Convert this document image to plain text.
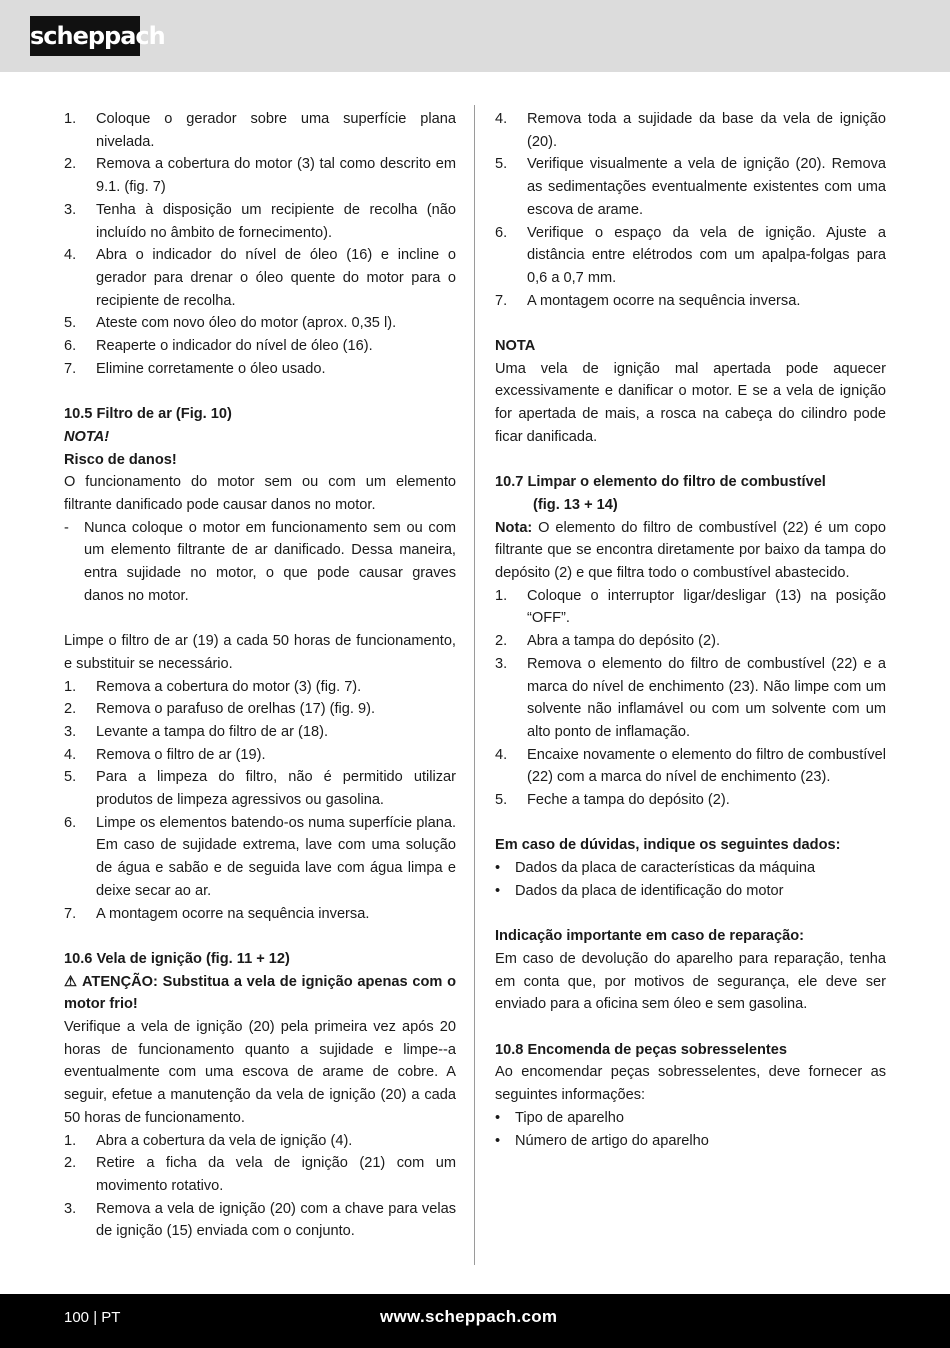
scheppach
1.	Coloque o gerador sobre uma superfície plana nivelada.
2.	Remova a cobertura do motor (3) tal como descrito em 9.1. (fig. 7)
3.	Tenha à disposição um recipiente de recolha (não incluído no âmbito de fornecimento).
4.	Abra o indicador do nível de óleo (16) e incline o gerador para drenar o óleo quente do motor para o recipiente de recolha.
5.	Ateste com novo óleo do motor (aprox. 0,35 l).
6.	Reaperte o indicador do nível de óleo (16).
7.	Elimine corretamente o óleo usado.

10.5 Filtro de ar (Fig. 10)

NOTA!

Risco de danos!

O funcionamento do motor sem ou com um elemento filtrante danificado pode causar danos no motor.

-	Nunca coloque o motor em funcionamento sem ou com um elemento filtrante de ar danificado. Dessa maneira, entra sujidade no motor, o que pode causar graves danos no motor.

Limpe o filtro de ar (19) a cada 50 horas de funcionamento, e substituir se necessário.

1.	Remova a cobertura do motor (3) (fig. 7).
2.	Remova o parafuso de orelhas (17) (fig. 9).
3.	Levante a tampa do filtro de ar (18).
4.	Remova o filtro de ar (19).
5.	Para a limpeza do filtro, não é permitido utilizar produtos de limpeza agressivos ou gasolina.
6.	Limpe os elementos batendo-os numa superfície plana. Em caso de sujidade extrema, lave com uma solução de água e sabão e de seguida lave com água limpa e deixe secar ao ar.
7.	A montagem ocorre na sequência inversa.

10.6 Vela de ignição (fig. 11 + 12)

⚠ ATENÇÃO: Substitua a vela de ignição apenas com o motor frio!

Verifique a vela de ignição (20) pela primeira vez após 20 horas de funcionamento quanto a sujidade e limpe--a eventualmente com uma escova de arame de cobre. A seguir, efetue a manutenção da vela de ignição (20) a cada 50 horas de funcionamento.

1.	Abra a cobertura da vela de ignição (4).
2.	Retire a ficha da vela de ignição (21) com um movimento rotativo.
3.	Remova a vela de ignição (20) com a chave para velas de ignição (15) enviada com o conjunto.
4.	Remova toda a sujidade da base da vela de ignição (20).
5.	Verifique visualmente a vela de ignição (20). Remova as sedimentações eventualmente existentes com uma escova de arame.
6.	Verifique o espaço da vela de ignição. Ajuste a distância entre elétrodos com um apalpa-folgas para 0,6 a 0,7 mm.
7.	A montagem ocorre na sequência inversa.

NOTA

Uma vela de ignição mal apertada pode aquecer excessivamente e danificar o motor. E se a vela de ignição for apertada de mais, a rosca na cabeça do cilindro pode ficar danificada.

10.7 Limpar o elemento do filtro de combustível

(fig. 13 + 14)

Nota: O elemento do filtro de combustível (22) é um copo filtrante que se encontra diretamente por baixo da tampa do depósito (2) e que filtra todo o combustível abastecido.

1.	Coloque o interruptor ligar/desligar (13) na posição “OFF”.
2.	Abra a tampa do depósito (2).
3.	Remova o elemento do filtro de combustível (22) e a marca do nível de enchimento (23). Não limpe com um solvente não inflamável ou com um solvente com um alto ponto de inflamação.
4.	Encaixe novamente o elemento do filtro de combustível (22) com a marca do nível de enchimento (23).
5.	Feche a tampa do depósito (2).

Em caso de dúvidas, indique os seguintes dados:

•	Dados da placa de características da máquina
•	Dados da placa de identificação do motor

Indicação importante em caso de reparação:

Em caso de devolução do aparelho para reparação, tenha em conta que, por motivos de segurança, ele deve ser enviado para a oficina sem óleo e sem gasolina.

10.8 Encomenda de peças sobresselentes

Ao encomendar peças sobresselentes, deve fornecer as seguintes informações:

•	Tipo de aparelho
•	Número de artigo do aparelho
100 | PT	www.scheppach.com
